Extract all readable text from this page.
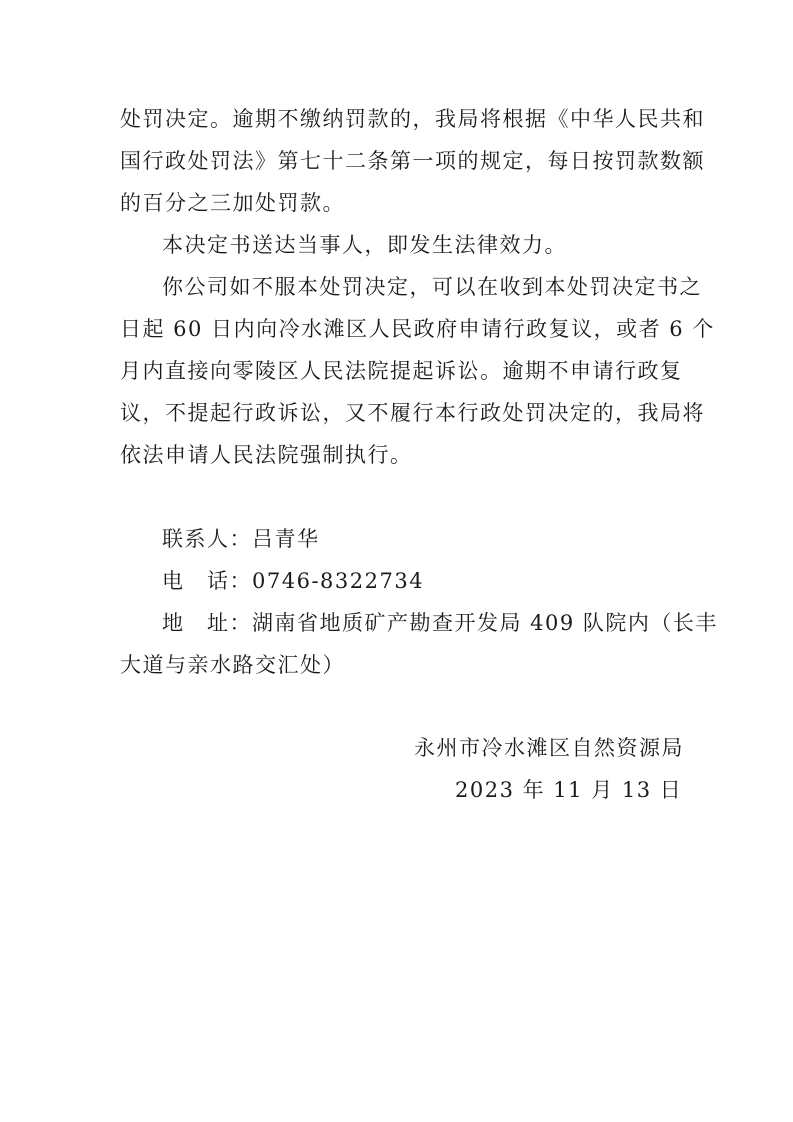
处罚决定。逾期不缴纳罚款的，我局将根据《中华人民共和
国行政处罚法》第七十二条第一项的规定，每日按罚款数额
的百分之三加处罚款。
本决定书送达当事人，即发生法律效力。
你公司如不服本处罚决定，可以在收到本处罚决定书之
日起 60 日内向冷水滩区人民政府申请行政复议，或者 6 个
月内直接向零陵区人民法院提起诉讼。逾期不申请行政复
议，不提起行政诉讼，又不履行本行政处罚决定的，我局将
依法申请人民法院强制执行。
联系人：吕青华
电　话：0746-8322734
地　址：湖南省地质矿产勘查开发局 409 队院内（长丰
大道与亲水路交汇处）
永州市冷水滩区自然资源局
2023 年 11 月 13 日
